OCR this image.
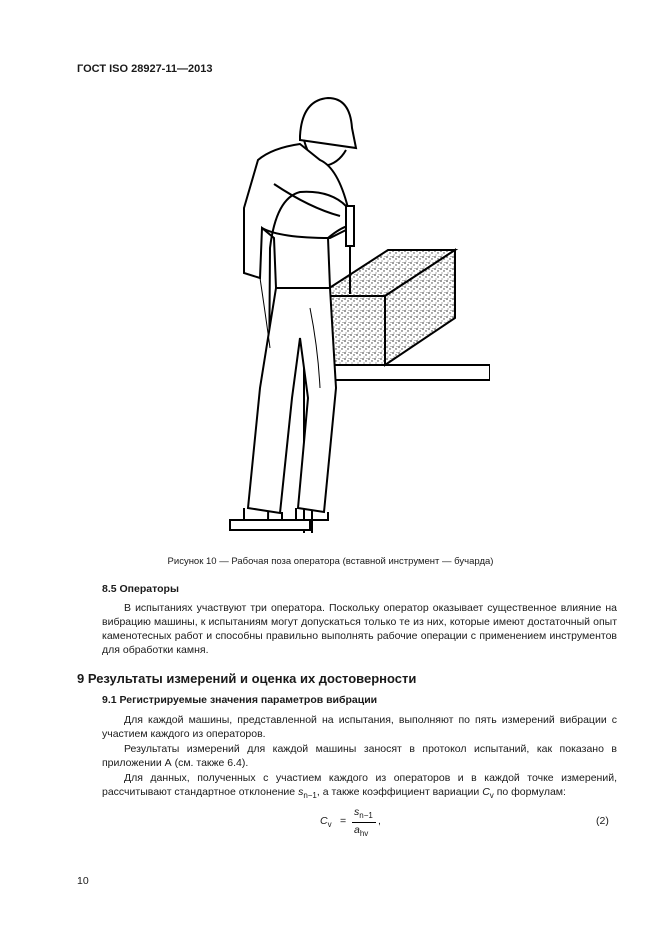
ГОСТ ISO 28927-11—2013
Рисунок 10 — Рабочая поза оператора (вставной инструмент — бучарда)
8.5 Операторы
В испытаниях участвуют три оператора. Поскольку оператор оказывает существенное влияние на вибрацию машины, к испытаниям могут допускаться только те из них, которые имеют достаточный опыт каменотесных работ и способны правильно выполнять рабочие операции с применением инструментов для обработки камня.
9 Результаты измерений и оценка их достоверности
9.1 Регистрируемые значения параметров вибрации
Для каждой машины, представленной на испытания, выполняют по пять измерений вибрации с участием каждого из операторов.
Результаты измерений для каждой машины заносят в протокол испытаний, как показано в приложении А (см. также 6.4).
Для данных, полученных с участием каждого из операторов и в каждой точке измерений, рассчитывают стандартное отклонение $s_{n-1}$, а также коэффициент вариации $C_v$ по формулам:
$C_v$ =
$s_{n-1}$
$a_{hv}$
,	(2)
10
